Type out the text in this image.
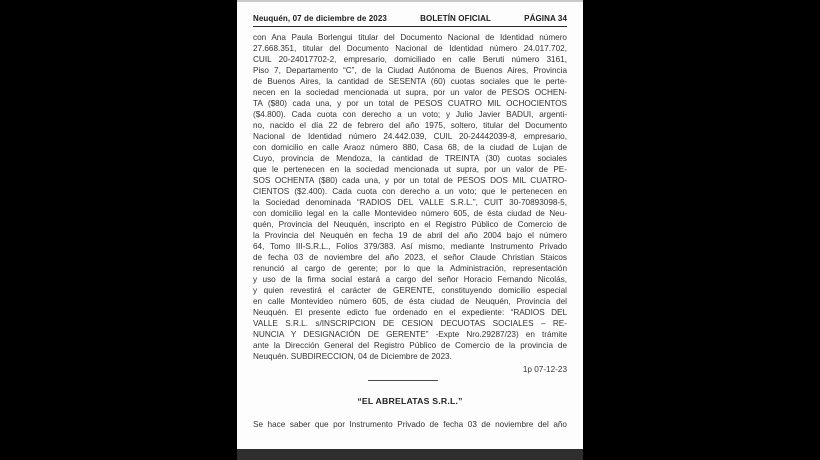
Neuquén, 07 de diciembre de 2023	BOLETÍN OFICIAL	PÁGINA 34
con Ana Paula Borlengui titular del Documento Nacional de Identidad número
27.668.351, titular del Documento Nacional de Identidad número 24.017.702,
CUIL 20-24017702-2, empresario, domiciliado en calle Beruti número 3161,
Piso 7, Departamento “C”, de la Ciudad Autónoma de Buenos Aires, Provincia
de Buenos Aires, la cantidad de SESENTA (60) cuotas sociales que le perte-
necen en la sociedad mencionada ut supra, por un valor de PESOS OCHEN-
TA ($80) cada una, y por un total de PESOS CUATRO MIL OCHOCIENTOS
($4.800). Cada cuota con derecho a un voto; y Julio Javier BADUI, argenti-
no, nacido el día 22 de febrero del año 1975, soltero, titular del Documento
Nacional de Identidad número 24.442.039, CUIL 20-24442039-8, empresario,
con domicilio en calle Araoz número 880, Casa 68, de la ciudad de Lujan de
Cuyo, provincia de Mendoza, la cantidad de TREINTA (30) cuotas sociales
que le pertenecen en la sociedad mencionada ut supra, por un valor de PE-
SOS OCHENTA ($80) cada una, y por un total de PESOS DOS MIL CUATRO-
CIENTOS ($2.400). Cada cuota con derecho a un voto; que le pertenecen en
la Sociedad denominada “RADIOS DEL VALLE S.R.L.”, CUIT 30-70893098-5,
con domicilio legal en la calle Montevideo número 605, de ésta ciudad de Neu-
quén, Provincia del Neuquén, inscripto en el Registro Público de Comercio de
la Provincia del Neuquén en fecha 19 de abril del año 2004 bajo el número
64, Tomo III-S.R.L., Folios 379/383. Así mismo, mediante Instrumento Privado
de fecha 03 de noviembre del año 2023, el señor Claude Christian Staicos
renunció al cargo de gerente; por lo que la Administración, representación
y uso de la firma social estará a cargo del señor Horacio Fernando Nicolás,
y quien revestirá el carácter de GERENTE, constituyendo domicilio especial
en calle Montevideo número 605, de ésta ciudad de Neuquén, Provincia del
Neuquén. El presente edicto fue ordenado en el expediente: “RADIOS DEL
VALLE S.R.L. s/INSCRIPCION DE CESION DECUOTAS SOCIALES – RE-
NUNCIA Y DESIGNACIÓN DE GERENTE” -Expte Nro.29287/23) en trámite
ante la Dirección General del Registro Público de Comercio de la provincia de
Neuquén. SUBDIRECCION, 04 de Diciembre de 2023.
1p 07-12-23
“EL ABRELATAS S.R.L.”
Se hace saber que por Instrumento Privado de fecha 03 de noviembre del año
